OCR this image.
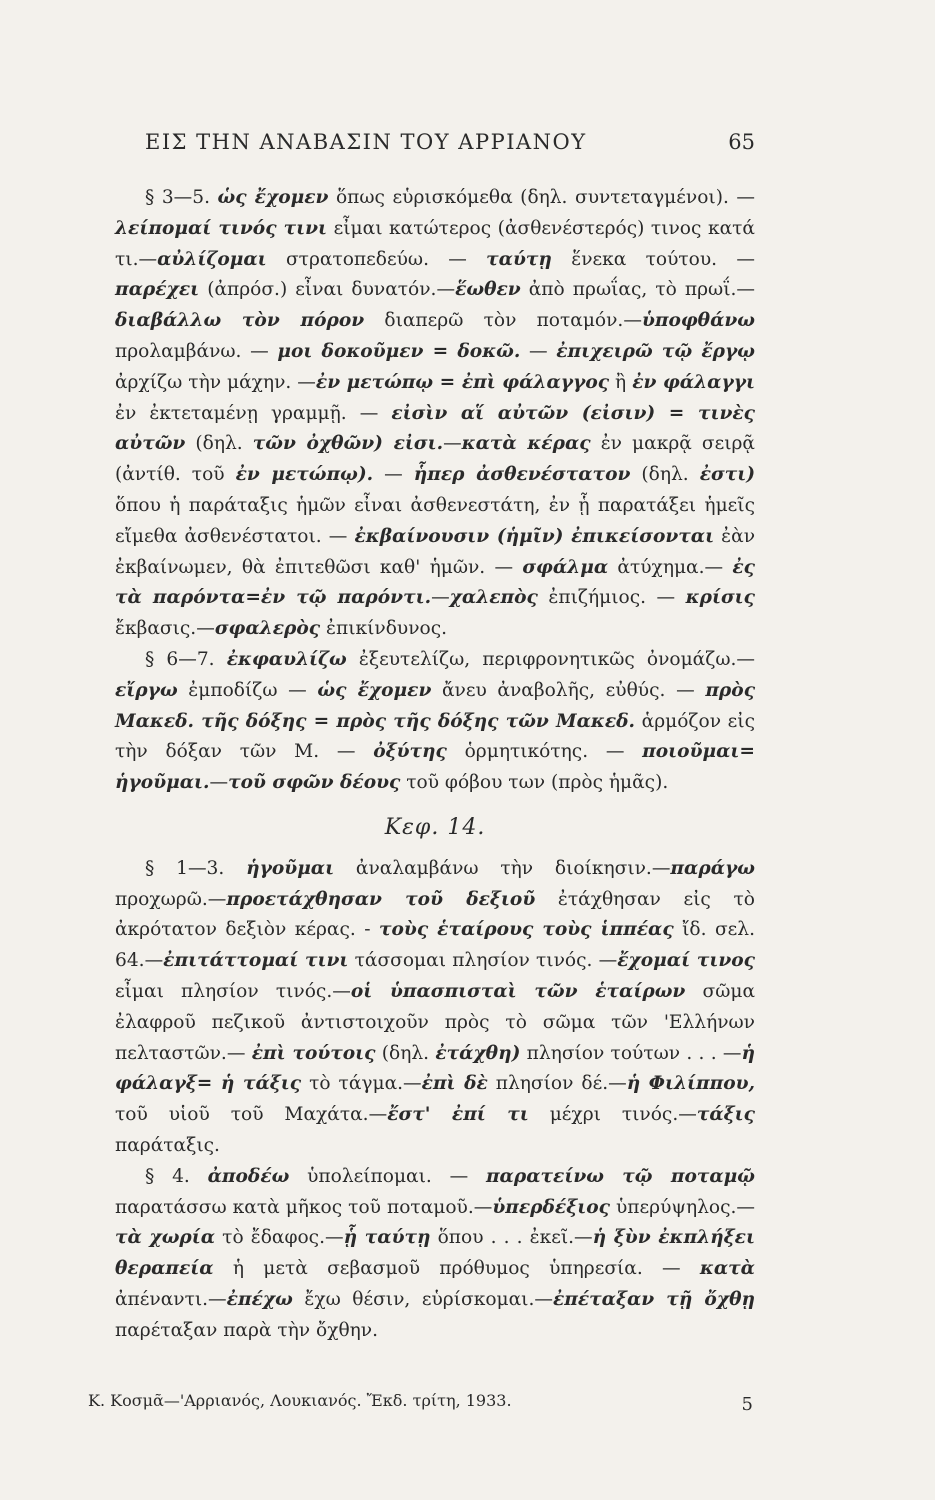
ΕΙΣ ΤΗΝ ΑΝΑΒΑΣΙΝ ΤΟΥ ΑΡΡΙΑΝΟΥ	65

§ 3—5. ὡς ἔχομεν ὅπως εὑρισκόμεθα (δηλ. συντεταγμένοι). —λείπομαί τινός τινι εἶμαι κατώτερος (ἀσθενέστερός) τινος κατά τι.—αὐλίζομαι στρατοπεδεύω. — ταύτῃ ἕνεκα τούτου. — παρέχει (ἀπρόσ.) εἶναι δυνατόν.—ἕωθεν ἀπὸ πρωΐας, τὸ πρωΐ.— διαβάλλω τὸν πόρον διαπερῶ τὸν ποταμόν.—ὑποφθάνω προλαμβάνω. — μοι δοκοῦμεν = δοκῶ. — ἐπιχειρῶ τῷ ἔργῳ ἀρχίζω τὴν μάχην. —ἐν μετώπῳ = ἐπὶ φάλαγγος ἢ ἐν φάλαγγι ἐν ἐκτεταμένῃ γραμμῇ. — εἰσὶν αἵ αὐτῶν (εἰσιν) = τινὲς αὐτῶν (δηλ. τῶν ὀχθῶν) εἰσι.—κατὰ κέρας ἐν μακρᾷ σειρᾷ (ἀντίθ. τοῦ ἐν μετώπῳ). — ἧπερ ἀσθενέστατον (δηλ. ἐστι) ὅπου ἡ παράταξις ἡμῶν εἶναι ἀσθενεστάτη, ἐν ᾗ παρατάξει ἡμεῖς εἴμεθα ἀσθενέστατοι. — ἐκβαίνουσιν (ἡμῖν) ἐπικείσονται ἐὰν ἐκβαίνωμεν, θὰ ἐπιτεθῶσι καθ' ἡμῶν. — σφάλμα ἀτύχημα.— ἐς τὰ παρόντα=ἐν τῷ παρόντι.—χαλεπὸς ἐπιζήμιος. — κρίσις ἔκβασις.—σφαλερὸς ἐπικίνδυνος.

§ 6—7. ἐκφαυλίζω ἐξευτελίζω, περιφρονητικῶς ὀνομάζω.— εἴργω ἐμποδίζω — ὡς ἔχομεν ἄνευ ἀναβολῆς, εὐθύς. — πρὸς Μακεδ. τῆς δόξης = πρὸς τῆς δόξης τῶν Μακεδ. ἁρμόζον εἰς τὴν δόξαν τῶν Μ. — ὀξύτης ὁρμητικότης. — ποιοῦμαι= ἡγοῦμαι.—τοῦ σφῶν δέους τοῦ φόβου των (πρὸς ἡμᾶς).

Κεφ. 14.

§ 1—3. ἡγοῦμαι ἀναλαμβάνω τὴν διοίκησιν.—παράγω προχωρῶ.—προετάχθησαν τοῦ δεξιοῦ ἐτάχθησαν εἰς τὸ ἀκρότατον δεξιὸν κέρας. - τοὺς ἑταίρους τοὺς ἱππέας ἴδ. σελ. 64.—ἐπιτάττομαί τινι τάσσομαι πλησίον τινός. —ἔχομαί τινος εἶμαι πλησίον τινός.—οἱ ὑπασπισταὶ τῶν ἑταίρων σῶμα ἐλαφροῦ πεζικοῦ ἀντιστοιχοῦν πρὸς τὸ σῶμα τῶν 'Ελλήνων πελταστῶν.— ἐπὶ τούτοις (δηλ. ἐτάχθη) πλησίον τούτων . . . —ἡ φάλαγξ= ἡ τάξις τὸ τάγμα.—ἐπὶ δὲ πλησίον δέ.—ἡ Φιλίππου, τοῦ υἱοῦ τοῦ Μαχάτα.—ἔστ' ἐπί τι μέχρι τινός.—τάξις παράταξις.

§ 4. ἀποδέω ὑπολείπομαι. — παρατείνω τῷ ποταμῷ παρατάσσω κατὰ μῆκος τοῦ ποταμοῦ.—ὑπερδέξιος ὑπερύψηλος.— τὰ χωρία τὸ ἔδαφος.—ᾗ ταύτῃ ὅπου . . . ἐκεῖ.—ἡ ξὺν ἐκπλήξει θεραπεία ἡ μετὰ σεβασμοῦ πρόθυμος ὑπηρεσία. — κατὰ ἀπέναντι.—ἐπέχω ἔχω θέσιν, εὑρίσκομαι.—ἐπέταξαν τῇ ὄχθῃ παρέταξαν παρὰ τὴν ὄχθην.

Κ. Κοσμᾶ—'Αρριανός, Λουκιανός. Ἔκδ. τρίτη, 1933.	5
